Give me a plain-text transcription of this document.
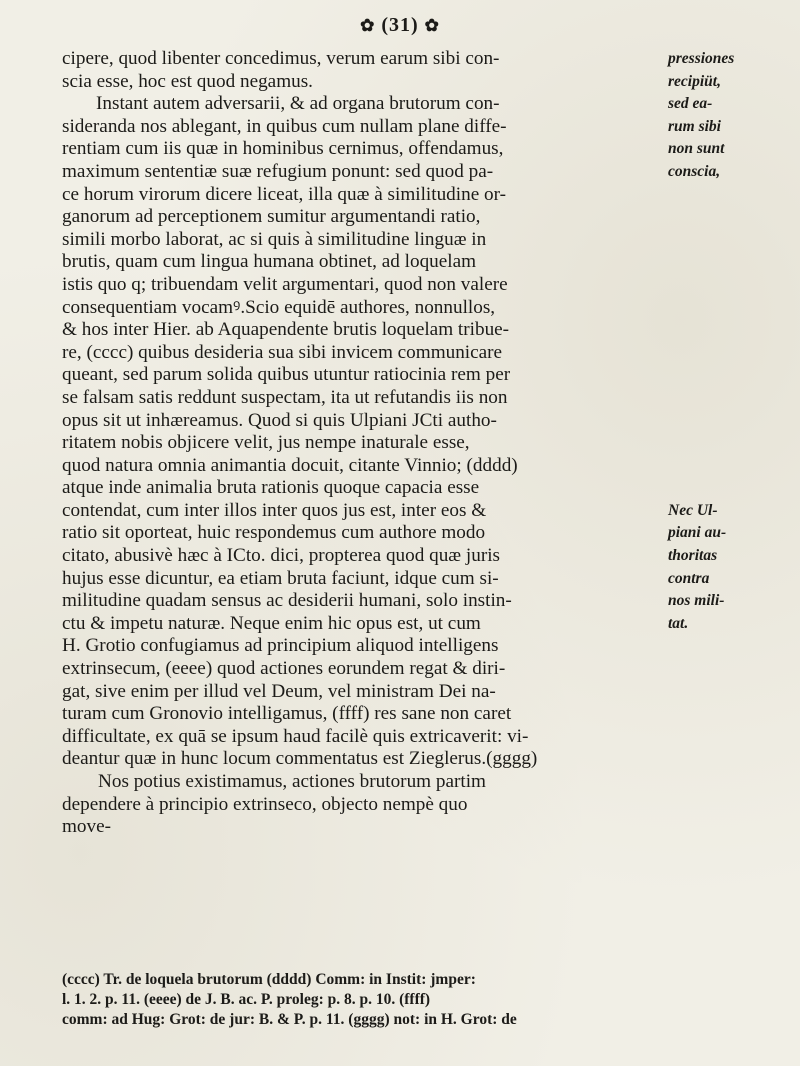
✿ (31) ✿
cipere, quod libenter concedimus, verum earum sibi con-
scia esse, hoc est quod negamus.
Instant autem adversarii, & ad organa brutorum con-
sideranda nos ablegant, in quibus cum nullam plane diffe-
rentiam cum iis quæ in hominibus cernimus, offendamus,
maximum sententiæ suæ refugium ponunt: sed quod pa-
ce horum virorum dicere liceat, illa quæ à similitudine or-
ganorum ad perceptionem sumitur argumentandi ratio,
simili morbo laborat, ac si quis à similitudine linguæ in
brutis, quam cum lingua humana obtinet, ad loquelam
istis quo q; tribuendam velit argumentari, quod non valere
consequentiam vocamꝰ.Scio equidē authores, nonnullos,
& hos inter Hier. ab Aquapendente brutis loquelam tribue-
re, (cccc) quibus desideria sua sibi invicem communicare
queant, sed parum solida quibus utuntur ratiocinia rem per
se falsam satis reddunt suspectam, ita ut refutandis iis non
opus sit ut inhæreamus. Quod si quis Ulpiani JCti autho-
ritatem nobis objicere velit, jus nempe inaturale esse,
quod natura omnia animantia docuit, citante Vinnio; (dddd)
atque inde animalia bruta rationis quoque capacia esse
contendat, cum inter illos inter quos jus est, inter eos &
ratio sit oporteat, huic respondemus cum authore modo
citato, abusivè hæc à ICto. dici, propterea quod quæ juris
hujus esse dicuntur, ea etiam bruta faciunt, idque cum si-
militudine quadam sensus ac desiderii humani, solo instin-
ctu & impetu naturæ. Neque enim hic opus est, ut cum
H. Grotio confugiamus ad principium aliquod intelligens
extrinsecum, (eeee) quod actiones eorundem regat & diri-
gat, sive enim per illud vel Deum, vel ministram Dei na-
turam cum Gronovio intelligamus, (ffff) res sane non caret
difficultate, ex quā se ipsum haud facilè quis extricaverit: vi-
deantur quæ in hunc locum commentatus est Zieglerus.(gggg)
Nos potius existimamus, actiones brutorum partim
dependere à principio extrinseco, objecto nempè quo
move-
pressiones
recipiüt,
sed ea-
rum sibi
non sunt
conscia,
Nec Ul-
piani au-
thoritas
contra
nos mili-
tat.
(cccc) Tr. de loquela brutorum (dddd) Comm: in Instit: jmper:
l. 1. 2. p. 11. (eeee) de J. B. ac. P. proleg: p. 8. p. 10. (ffff)
comm: ad Hug: Grot: de jur: B. & P. p. 11. (gggg) not: in H. Grot: de
